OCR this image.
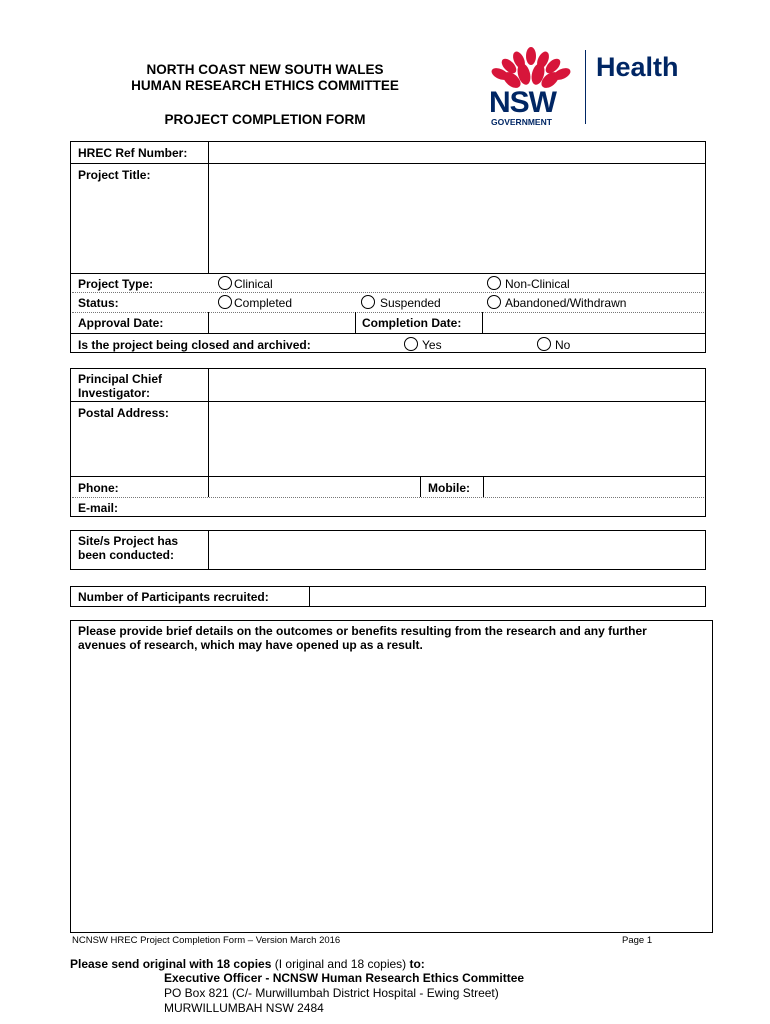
NORTH COAST NEW SOUTH WALES
HUMAN RESEARCH ETHICS COMMITTEE
PROJECT COMPLETION FORM
NSW
GOVERNMENT
Health
HREC Ref Number:
Project Title:
Project Type:	Clinical	Non-Clinical
Status:	Completed	Suspended	Abandoned/Withdrawn
Approval Date:	Completion Date:
Is the project being closed and archived:	Yes	No
Principal Chief
Investigator:
Postal Address:
Phone:	Mobile:
E-mail:
Site/s Project has
been conducted:
Number of Participants recruited:
Please provide brief details on the outcomes or benefits resulting from the research and any further
avenues of research, which may have opened up as a result.
NCNSW HREC Project Completion Form – Version March 2016	Page 1
Please send original with 18 copies (I original and 18 copies) to:
Executive Officer - NCNSW Human Research Ethics Committee
PO Box 821 (C/- Murwillumbah District Hospital - Ewing Street)
MURWILLUMBAH NSW 2484
